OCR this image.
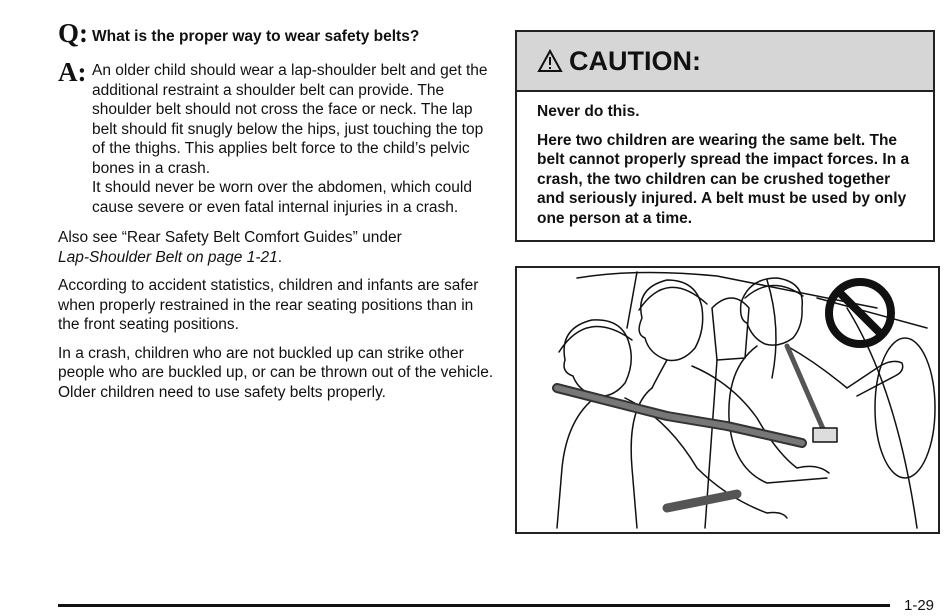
Q: What is the proper way to wear safety belts?
A: An older child should wear a lap-shoulder belt and get the additional restraint a shoulder belt can provide. The shoulder belt should not cross the face or neck. The lap belt should fit snugly below the hips, just touching the top of the thighs. This applies belt force to the child’s pelvic bones in a crash.

It should never be worn over the abdomen, which could cause severe or even fatal internal injuries in a crash.

Also see “Rear Safety Belt Comfort Guides” under
Lap-Shoulder Belt on page 1-21.

According to accident statistics, children and infants are safer when properly restrained in the rear seating positions than in the front seating positions.

In a crash, children who are not buckled up can strike other people who are buckled up, or can be thrown out of the vehicle. Older children need to use safety belts properly.

CAUTION:

Never do this.

Here two children are wearing the same belt. The belt cannot properly spread the impact forces. In a crash, the two children can be crushed together and seriously injured. A belt must be used by only one person at a time.

1-29
